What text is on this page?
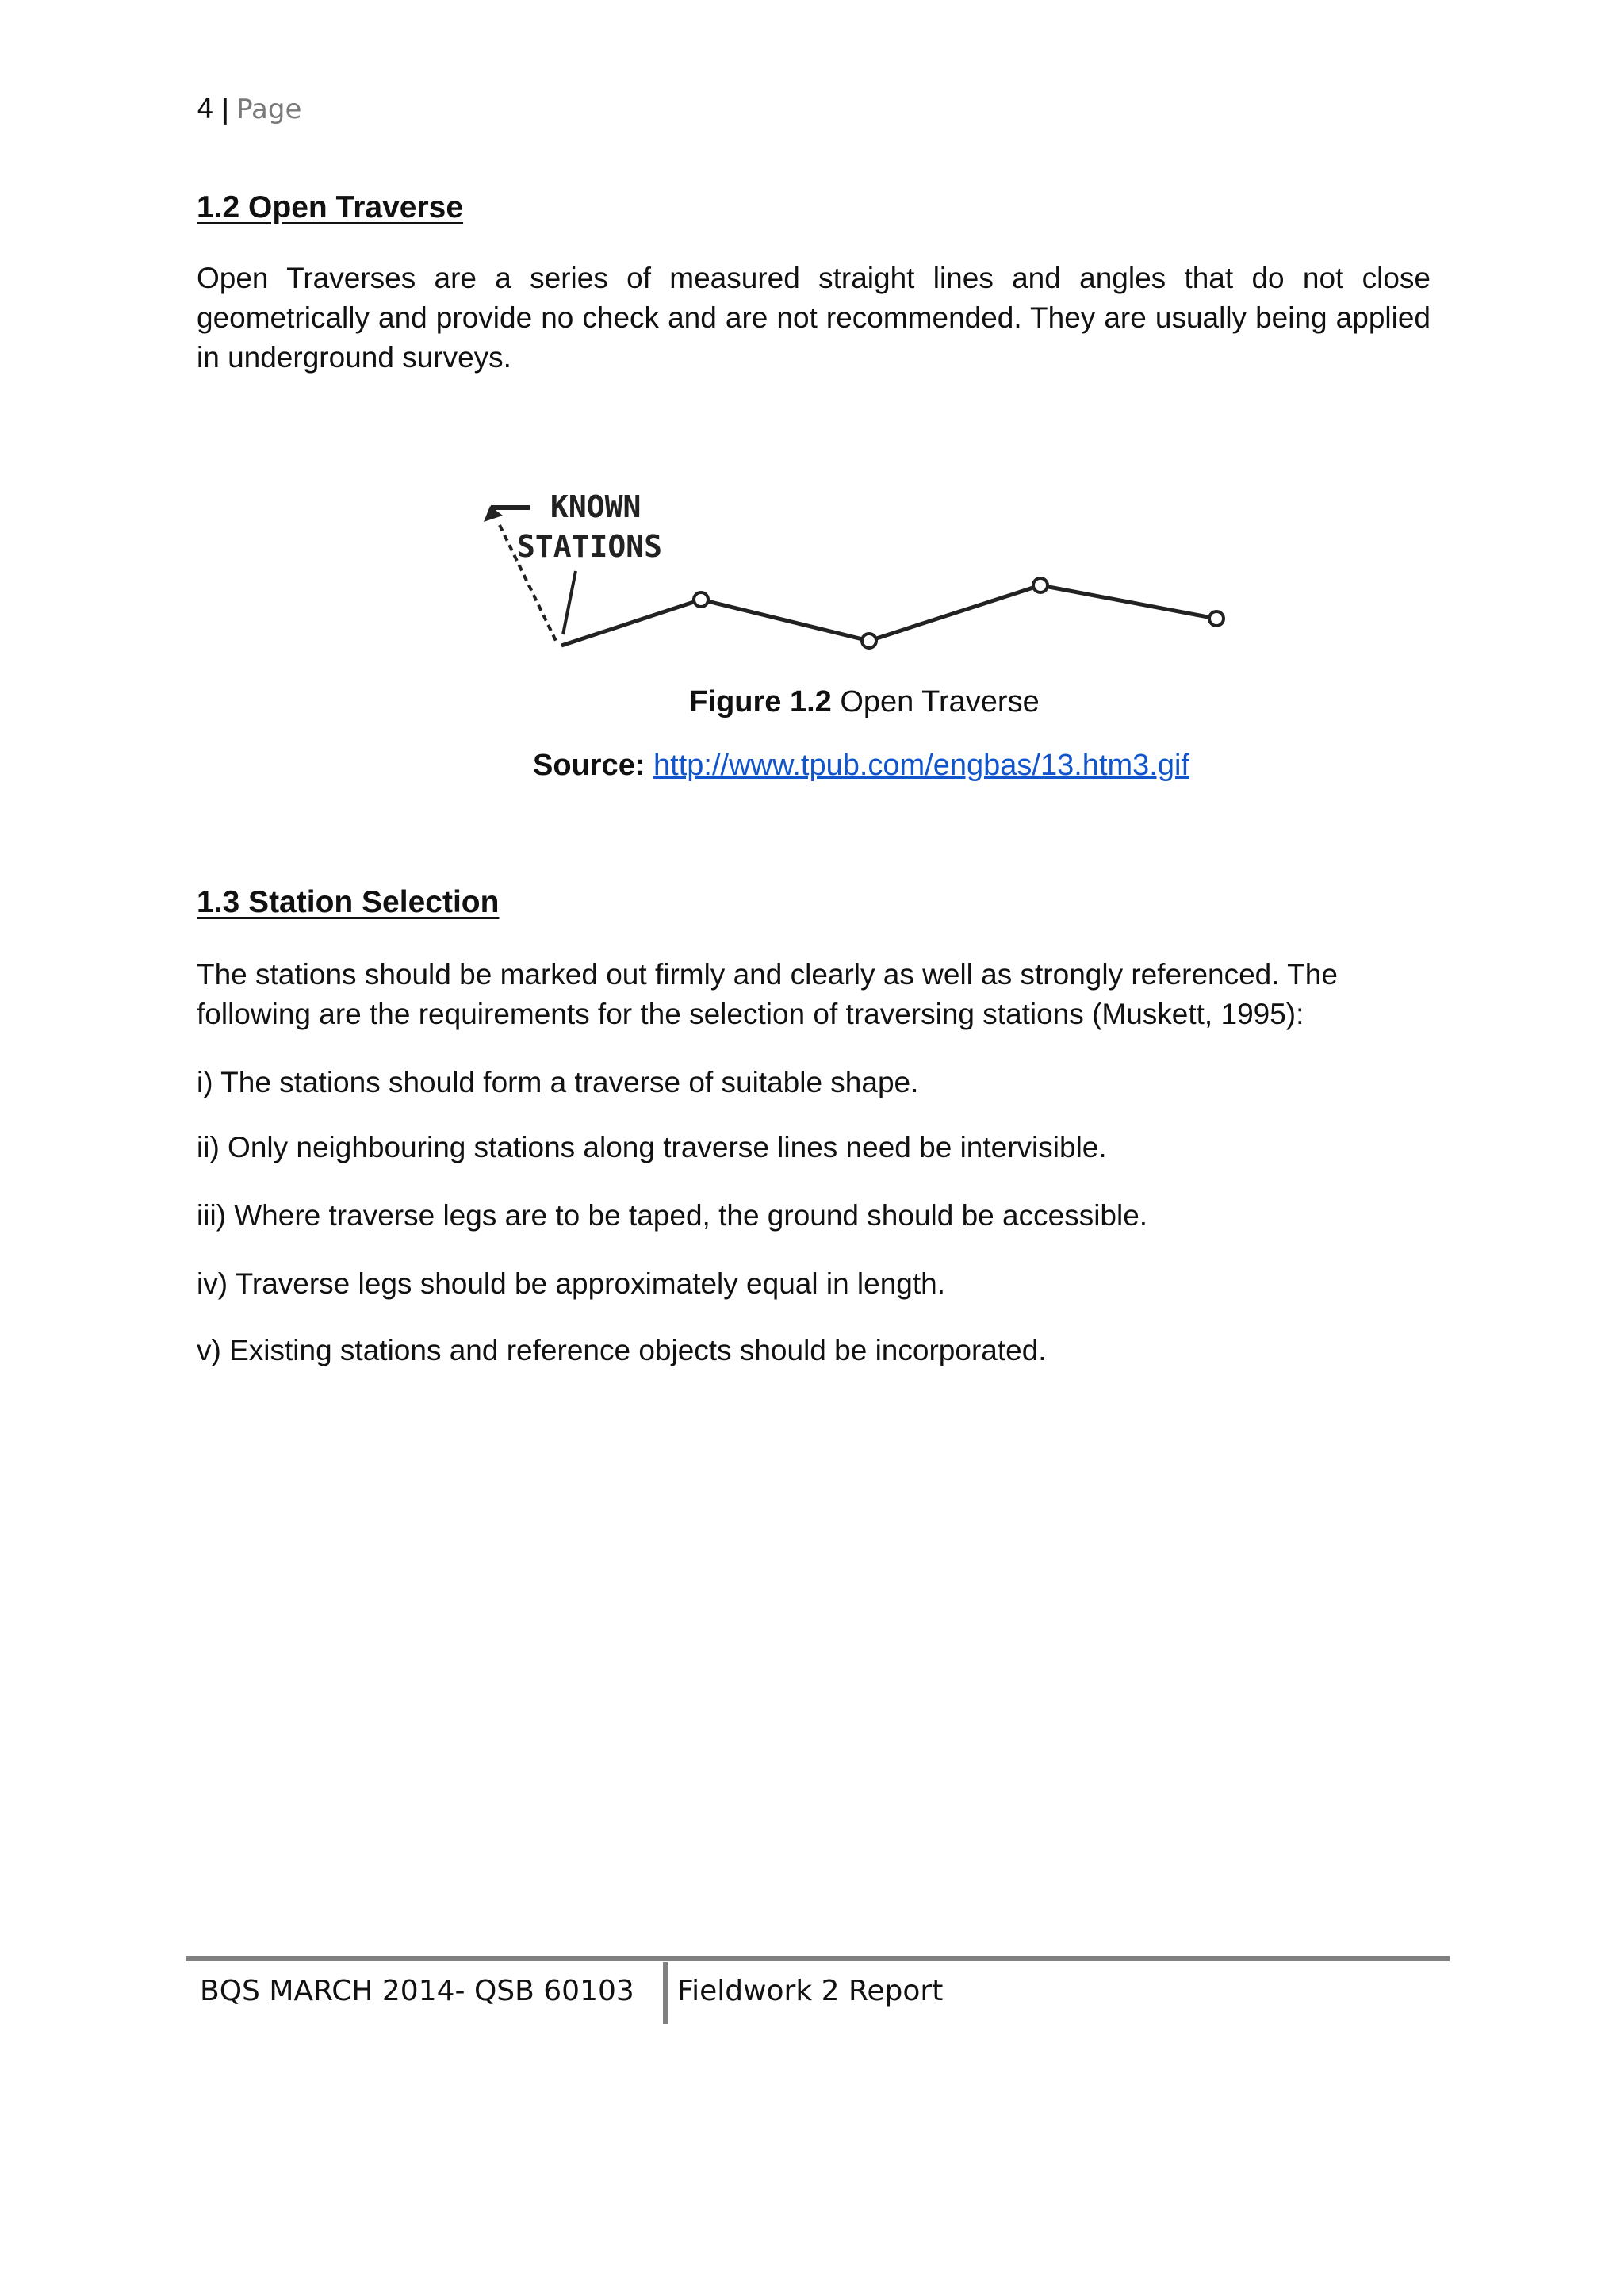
4 | Page
1.2 Open Traverse
Open Traverses are a series of measured straight lines and angles that do not close geometrically and provide no check and are not recommended. They are usually being applied in underground surveys.
KNOWN
STATIONS
Figure 1.2 Open Traverse
Source: http://www.tpub.com/engbas/13.htm3.gif
1.3 Station Selection
The stations should be marked out firmly and clearly as well as strongly referenced. The following are the requirements for the selection of traversing stations (Muskett, 1995):
i) The stations should form a traverse of suitable shape.
ii) Only neighbouring stations along traverse lines need be intervisible.
iii) Where traverse legs are to be taped, the ground should be accessible.
iv) Traverse legs should be approximately equal in length.
v) Existing stations and reference objects should be incorporated.
BQS MARCH 2014- QSB 60103 Fieldwork 2 Report
